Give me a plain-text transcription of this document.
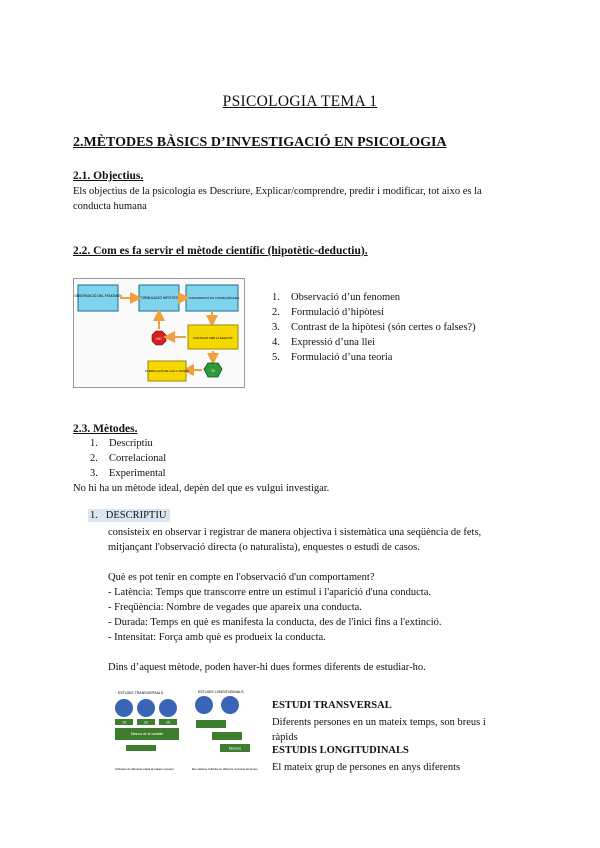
PSICOLOGIA TEMA 1
2.MÈTODES BÀSICS D’INVESTIGACIÓ EN PSICOLOGIA
2.1. Objectius.
Els objectius de la psicologia es Descriure, Explicar/comprendre, predir i modificar, tot aixo es la conducta humana
2.2. Com es fa servir el mètode científic (hipotètic-deductiu).
OBSERVACIÓ DEL FENOMEN	FORMULACIÓ HIPÒTESI TRANSFORMACIÓ EN CONSEQÜÈNCIES
CONTRAST AMB LA REALITAT
NO
SI
FORMULACIÓ DE LLEI O TEORIA
1. Observació d’un fenomen
2. Formulació d’hipòtesi
3. Contrast de la hipòtesi (són certes o falses?)
4. Expressió d’una llei
5. Formulació d’una teoria
2.3. Mètodes.
1. Descriptiu
2. Correlacional
3. Experimental
No hi ha un mètode ideal, depèn del que es vulgui investigar.
1. DESCRIPTIU
consisteix en observar i registrar de manera objectiva i sistemàtica una seqüència de fets,
mitjançant l'observació directa (o naturalista), enquestes o estudi de casos.
Què es pot tenir en compte en l'observació d'un comportament?
- Latència: Temps que transcorre entre un estímul i l'aparició d'una conducta.
- Freqüència: Nombre de vegades que apareix una conducta.
- Durada: Temps en què es manifesta la conducta, des de l'inici fins a l'extinció.
- Intensitat: Força amb què es produeix la conducta.
Dins d’aquest mètode, poden haver-hi dues formes diferents de estudiar-ho.
ESTUDIS TRANSVERSALS	ESTUDIS LONGITUDINALS
15	20	25
Mesura de la variable
Mesures
Individus de diferents edats al mateix moment	Els mateixos individus en diferents moments del temps
ESTUDI TRANSVERSAL
Diferents persones en un mateix temps, son breus i ràpids
ESTUDIS LONGITUDINALS
El mateix grup de persones en anys diferents
